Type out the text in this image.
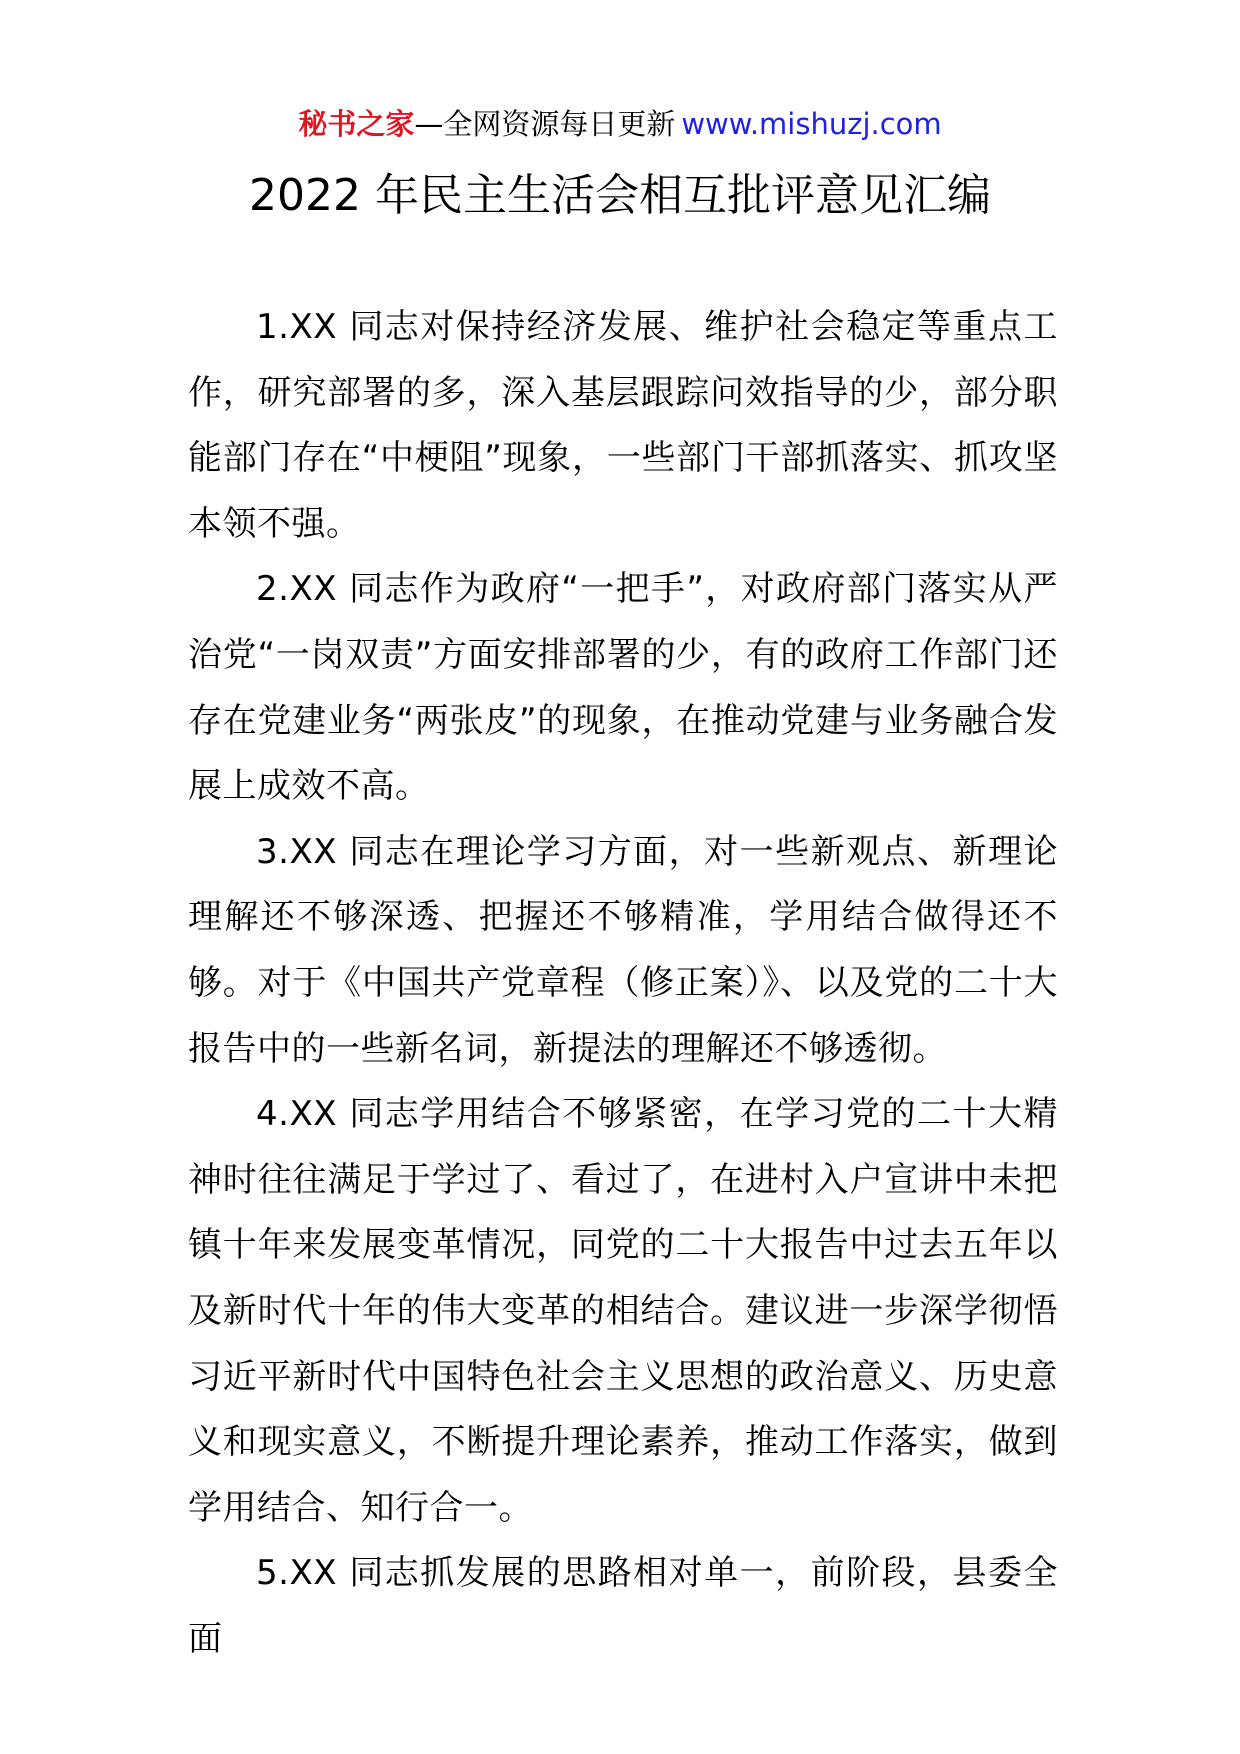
秘书之家—全网资源每日更新 www.mishuzj.com
2022 年民主生活会相互批评意见汇编

1.XX 同志对保持经济发展、维护社会稳定等重点工作，研究部署的多，深入基层跟踪问效指导的少，部分职能部门存在“中梗阻”现象，一些部门干部抓落实、抓攻坚本领不强。

2.XX 同志作为政府“一把手”，对政府部门落实从严治党“一岗双责”方面安排部署的少，有的政府工作部门还存在党建业务“两张皮”的现象，在推动党建与业务融合发展上成效不高。

3.XX 同志在理论学习方面，对一些新观点、新理论理解还不够深透、把握还不够精准，学用结合做得还不够。对于《中国共产党章程（修正案）》、以及党的二十大报告中的一些新名词，新提法的理解还不够透彻。

4.XX 同志学用结合不够紧密，在学习党的二十大精神时往往满足于学过了、看过了，在进村入户宣讲中未把镇十年来发展变革情况，同党的二十大报告中过去五年以及新时代十年的伟大变革的相结合。建议进一步深学彻悟习近平新时代中国特色社会主义思想的政治意义、历史意义和现实意义，不断提升理论素养，推动工作落实，做到学用结合、知行合一。

5.XX 同志抓发展的思路相对单一，前阶段，县委全面
